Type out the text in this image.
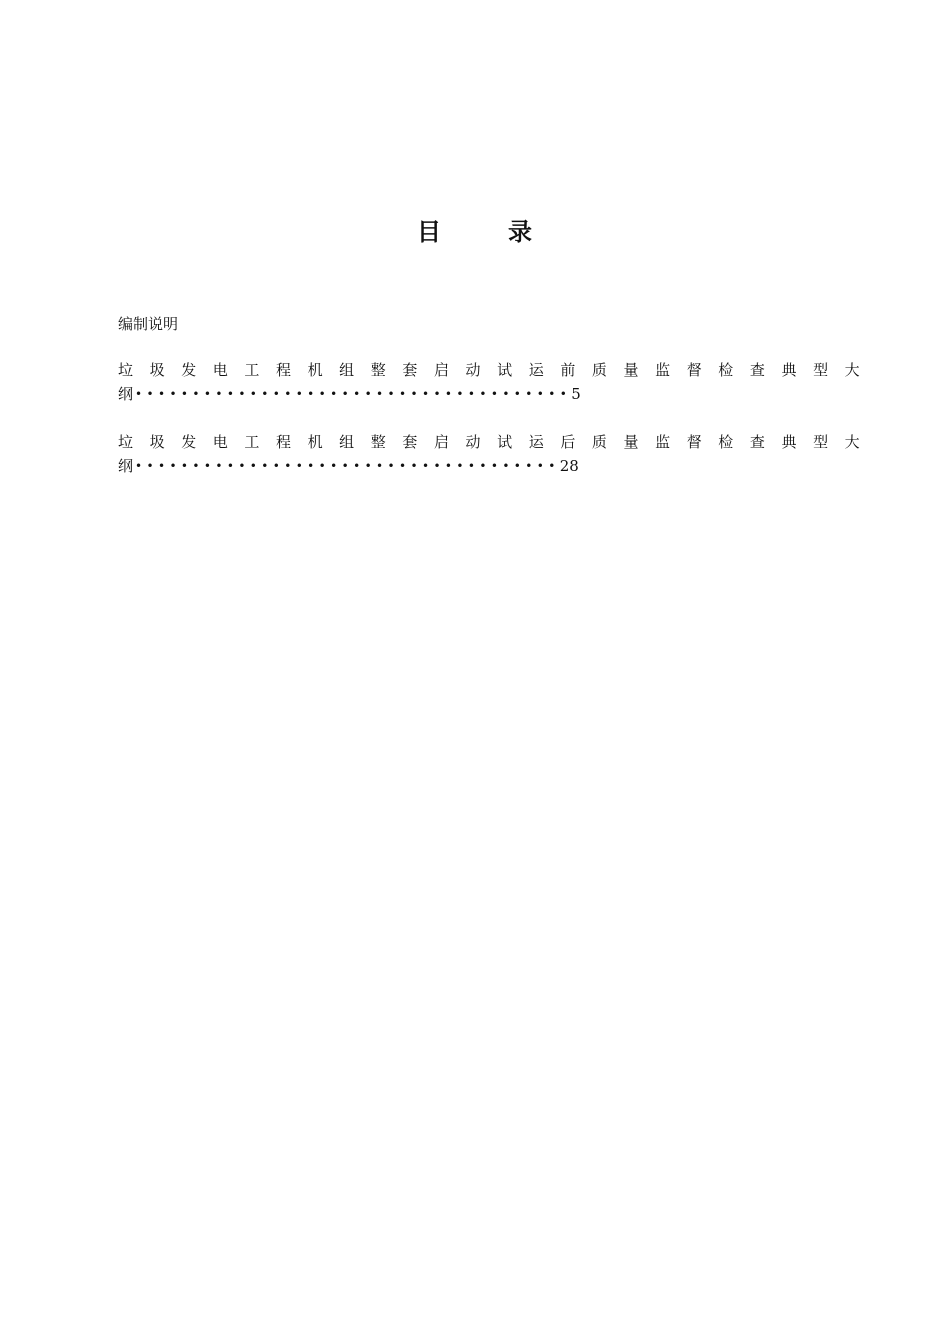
目	录
编制说明
垃 圾 发 电 工 程 机 组 整 套 启 动 试 运 前 质 量 监 督 检 查 典 型 大
纲 •••••••••••••••••••••••••••••••••••••• 5
垃 圾 发 电 工 程 机 组 整 套 启 动 试 运 后 质 量 监 督 检 查 典 型 大
纲 ••••••••••••••••••••••••••••••••••••• 28
